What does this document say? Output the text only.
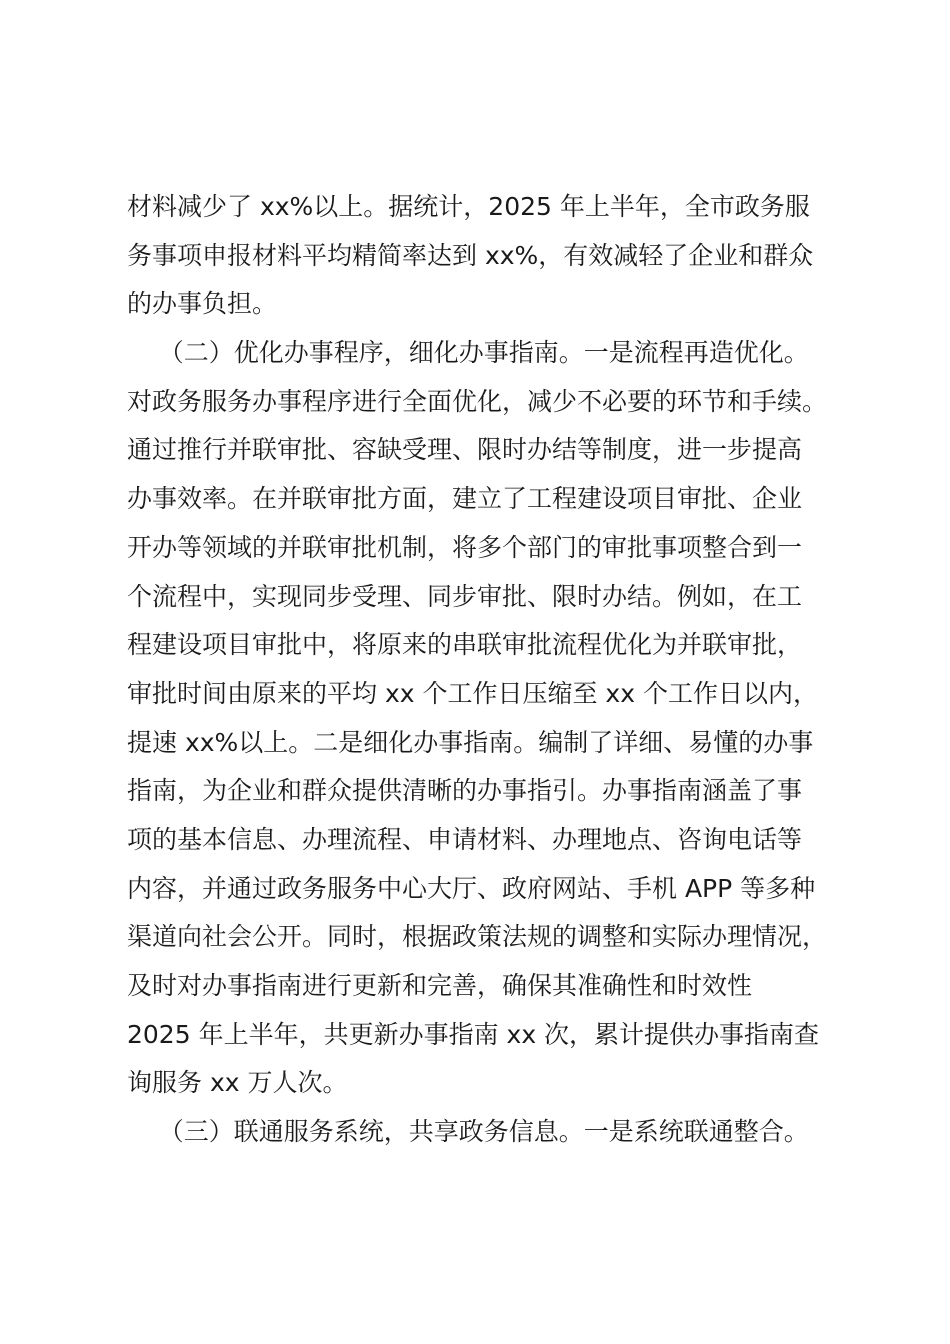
材料减少了 xx%以上。据统计，2025 年上半年，全市政务服
务事项申报材料平均精简率达到 xx%，有效减轻了企业和群众
的办事负担。
（二）优化办事程序，细化办事指南。一是流程再造优化。
对政务服务办事程序进行全面优化，减少不必要的环节和手续。
通过推行并联审批、容缺受理、限时办结等制度，进一步提高
办事效率。在并联审批方面，建立了工程建设项目审批、企业
开办等领域的并联审批机制，将多个部门的审批事项整合到一
个流程中，实现同步受理、同步审批、限时办结。例如，在工
程建设项目审批中，将原来的串联审批流程优化为并联审批，
审批时间由原来的平均 xx 个工作日压缩至 xx 个工作日以内，
提速 xx%以上。二是细化办事指南。编制了详细、易懂的办事
指南，为企业和群众提供清晰的办事指引。办事指南涵盖了事
项的基本信息、办理流程、申请材料、办理地点、咨询电话等
内容，并通过政务服务中心大厅、政府网站、手机 APP 等多种
渠道向社会公开。同时，根据政策法规的调整和实际办理情况，
及时对办事指南进行更新和完善，确保其准确性和时效性
2025 年上半年，共更新办事指南 xx 次，累计提供办事指南查
询服务 xx 万人次。
（三）联通服务系统，共享政务信息。一是系统联通整合。
